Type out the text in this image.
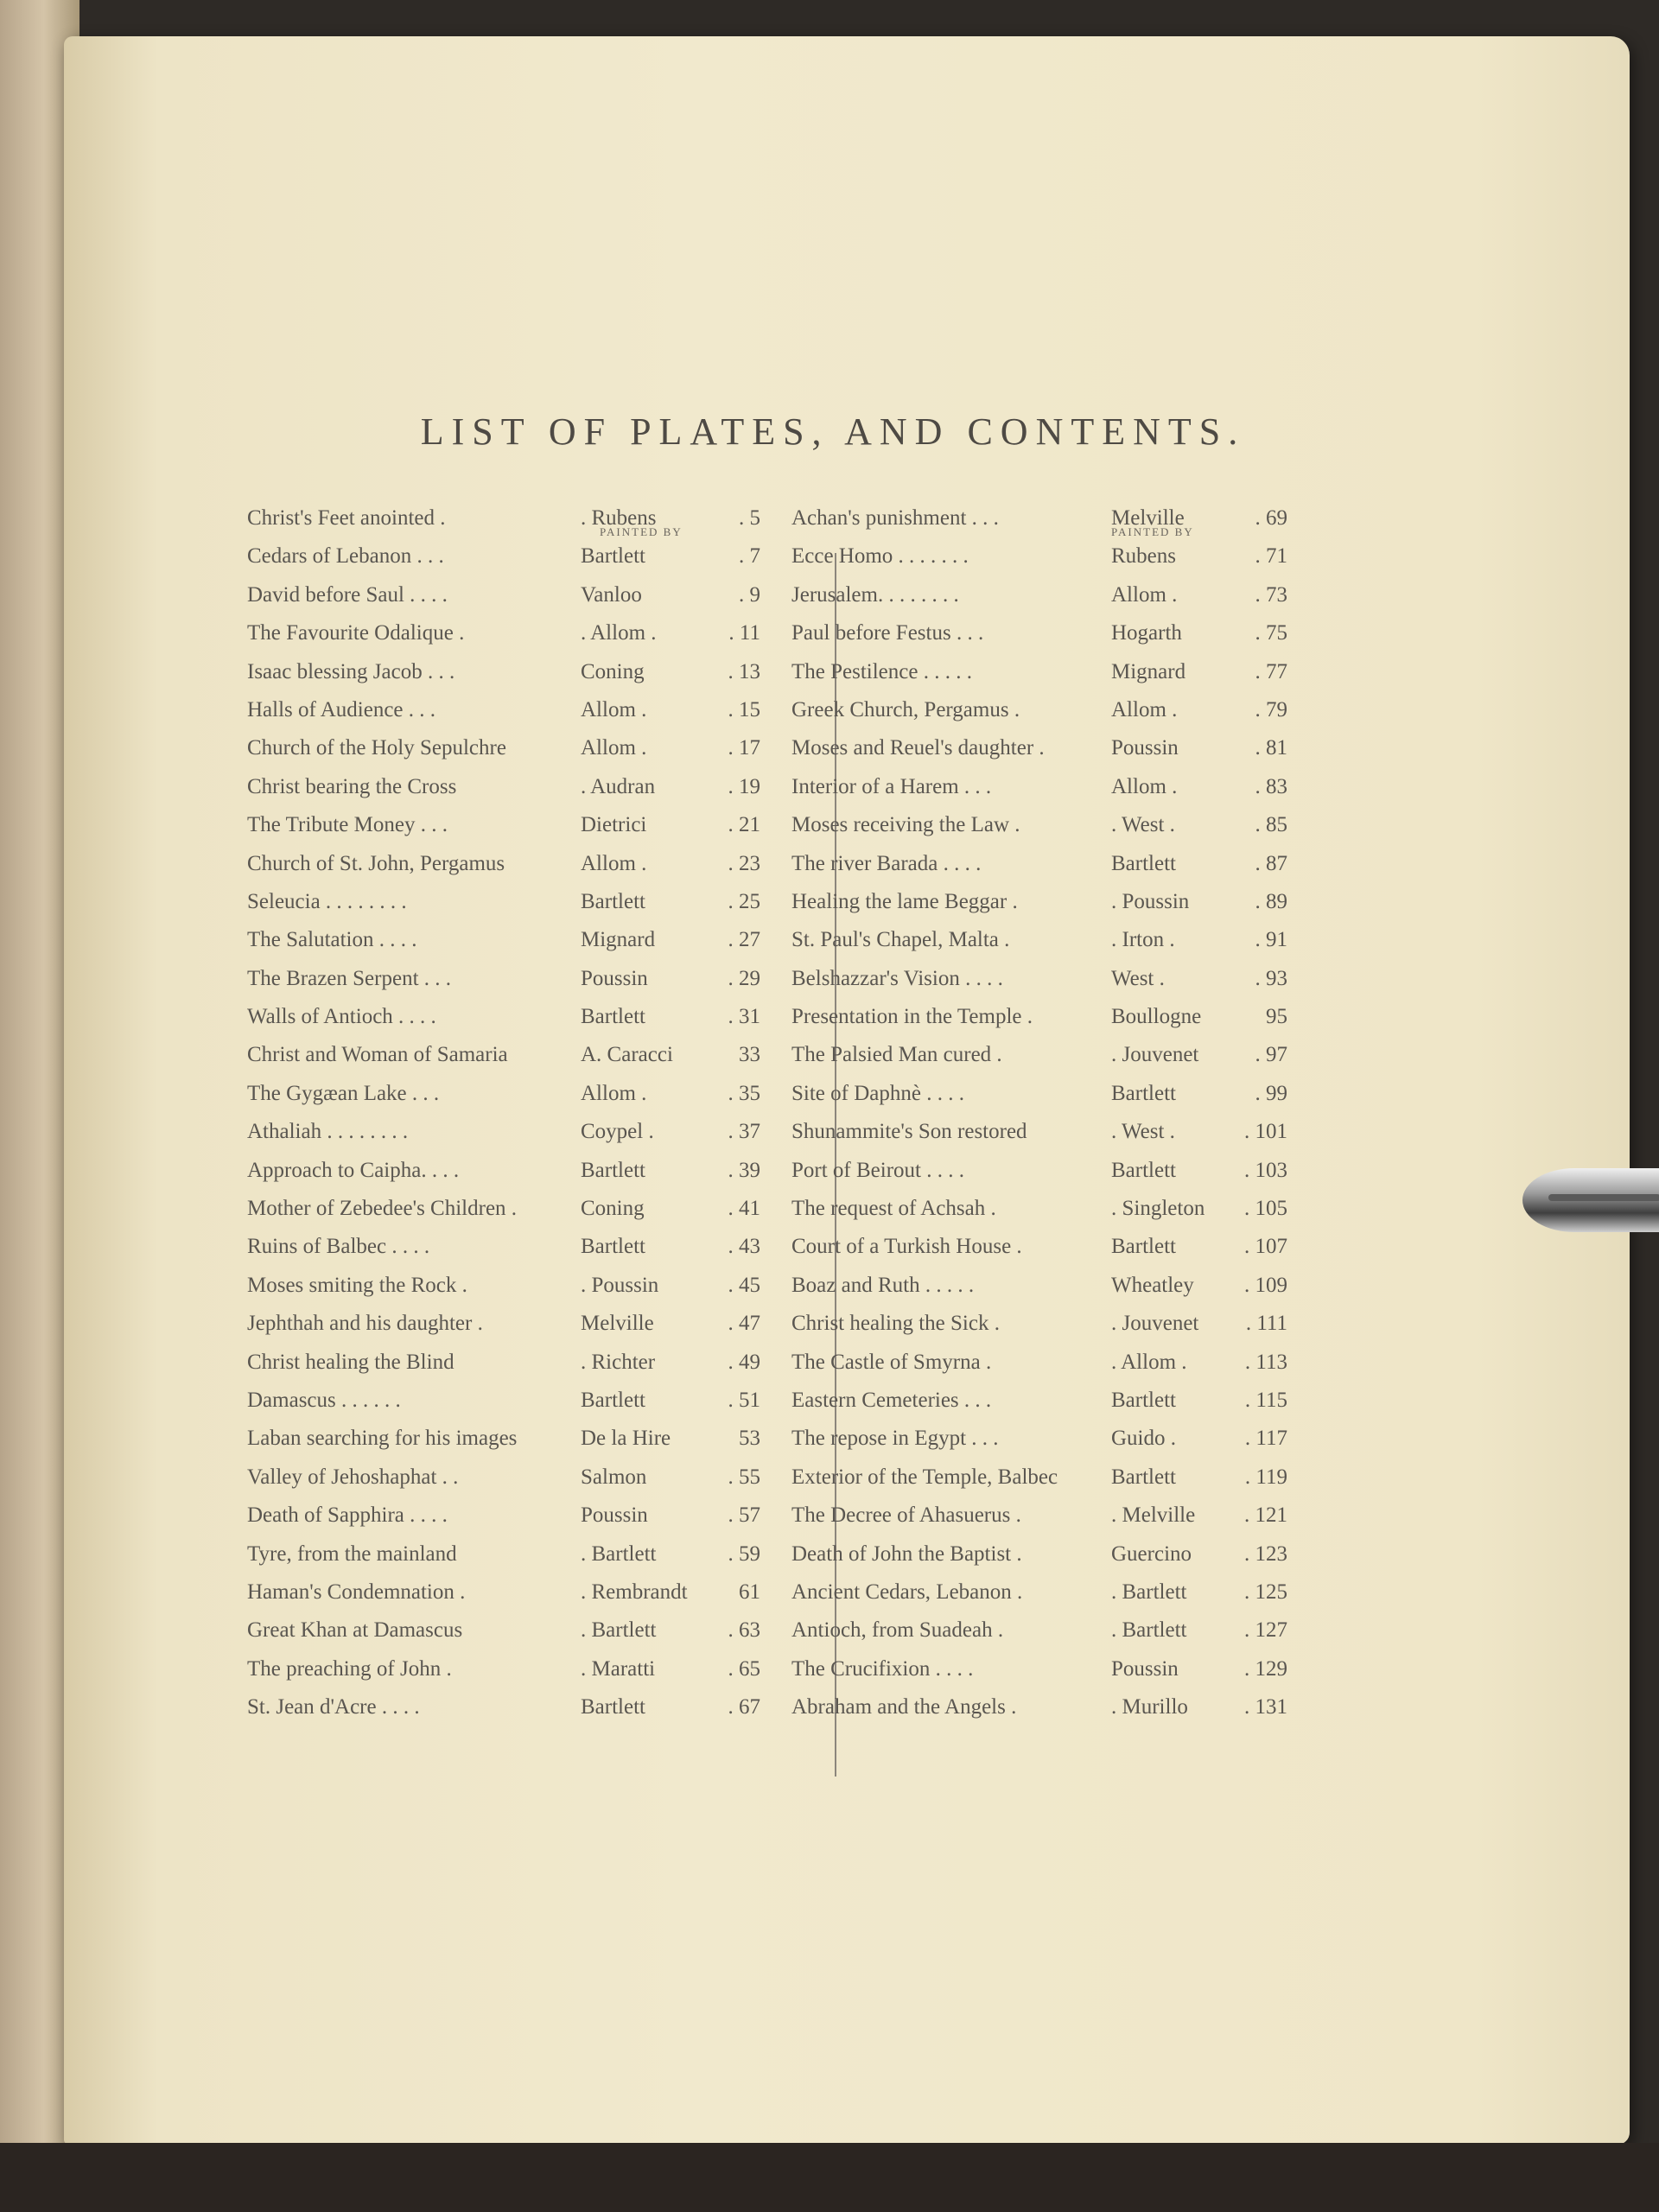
LIST OF PLATES, AND CONTENTS.
PAINTED BY	PAINTED BY
Christ's Feet anointed .	. Rubens	. 5
Cedars of Lebanon . . .	Bartlett	. 7
David before Saul . . . .	Vanloo	. 9
The Favourite Odalique .	. Allom .	. 11
Isaac blessing Jacob . . .	Coning	. 13
Halls of Audience . . .	Allom .	. 15
Church of the Holy Sepulchre	Allom .	. 17
Christ bearing the Cross	. Audran	. 19
The Tribute Money . . .	Dietrici	. 21
Church of St. John, Pergamus	Allom .	. 23
Seleucia . . . . . . . .	Bartlett	. 25
The Salutation . . . .	Mignard	. 27
The Brazen Serpent . . .	Poussin	. 29
Walls of Antioch . . . .	Bartlett	. 31
Christ and Woman of Samaria	A. Caracci	33
The Gygæan Lake . . .	Allom .	. 35
Athaliah . . . . . . . .	Coypel .	. 37
Approach to Caipha. . . .	Bartlett	. 39
Mother of Zebedee's Children .	Coning	. 41
Ruins of Balbec . . . .	Bartlett	. 43
Moses smiting the Rock .	. Poussin	. 45
Jephthah and his daughter .	Melville	. 47
Christ healing the Blind	. Richter	. 49
Damascus . . . . . .	Bartlett	. 51
Laban searching for his images	De la Hire	53
Valley of Jehoshaphat . .	Salmon	. 55
Death of Sapphira . . . .	Poussin	. 57
Tyre, from the mainland	. Bartlett	. 59
Haman's Condemnation .	. Rembrandt	61
Great Khan at Damascus	. Bartlett	. 63
The preaching of John .	. Maratti	. 65
St. Jean d'Acre . . . .	Bartlett	. 67
Achan's punishment . . .	Melville	. 69
Ecce Homo . . . . . . .	Rubens	. 71
Jerusalem. . . . . . . .	Allom .	. 73
Paul before Festus . . .	Hogarth	. 75
The Pestilence . . . . .	Mignard	. 77
Greek Church, Pergamus .	Allom .	. 79
Moses and Reuel's daughter .	Poussin	. 81
Interior of a Harem . . .	Allom .	. 83
Moses receiving the Law .	. West .	. 85
The river Barada . . . .	Bartlett	. 87
Healing the lame Beggar .	. Poussin	. 89
St. Paul's Chapel, Malta .	. Irton .	. 91
Belshazzar's Vision . . . .	West .	. 93
Presentation in the Temple .	Boullogne	95
The Palsied Man cured .	. Jouvenet	. 97
Site of Daphnè . . . .	Bartlett	. 99
Shunammite's Son restored	. West .	. 101
Port of Beirout . . . .	Bartlett	. 103
The request of Achsah .	. Singleton	. 105
Court of a Turkish House .	Bartlett	. 107
Boaz and Ruth . . . . .	Wheatley	. 109
Christ healing the Sick .	. Jouvenet	. 111
The Castle of Smyrna .	. Allom .	. 113
Eastern Cemeteries . . .	Bartlett	. 115
The repose in Egypt . . .	Guido .	. 117
Exterior of the Temple, Balbec Bartlett	. 119
The Decree of Ahasuerus .	. Melville	. 121
Death of John the Baptist .	Guercino	. 123
Ancient Cedars, Lebanon .	. Bartlett	. 125
Antioch, from Suadeah .	. Bartlett	. 127
The Crucifixion . . . .	Poussin	. 129
Abraham and the Angels .	. Murillo	. 131
